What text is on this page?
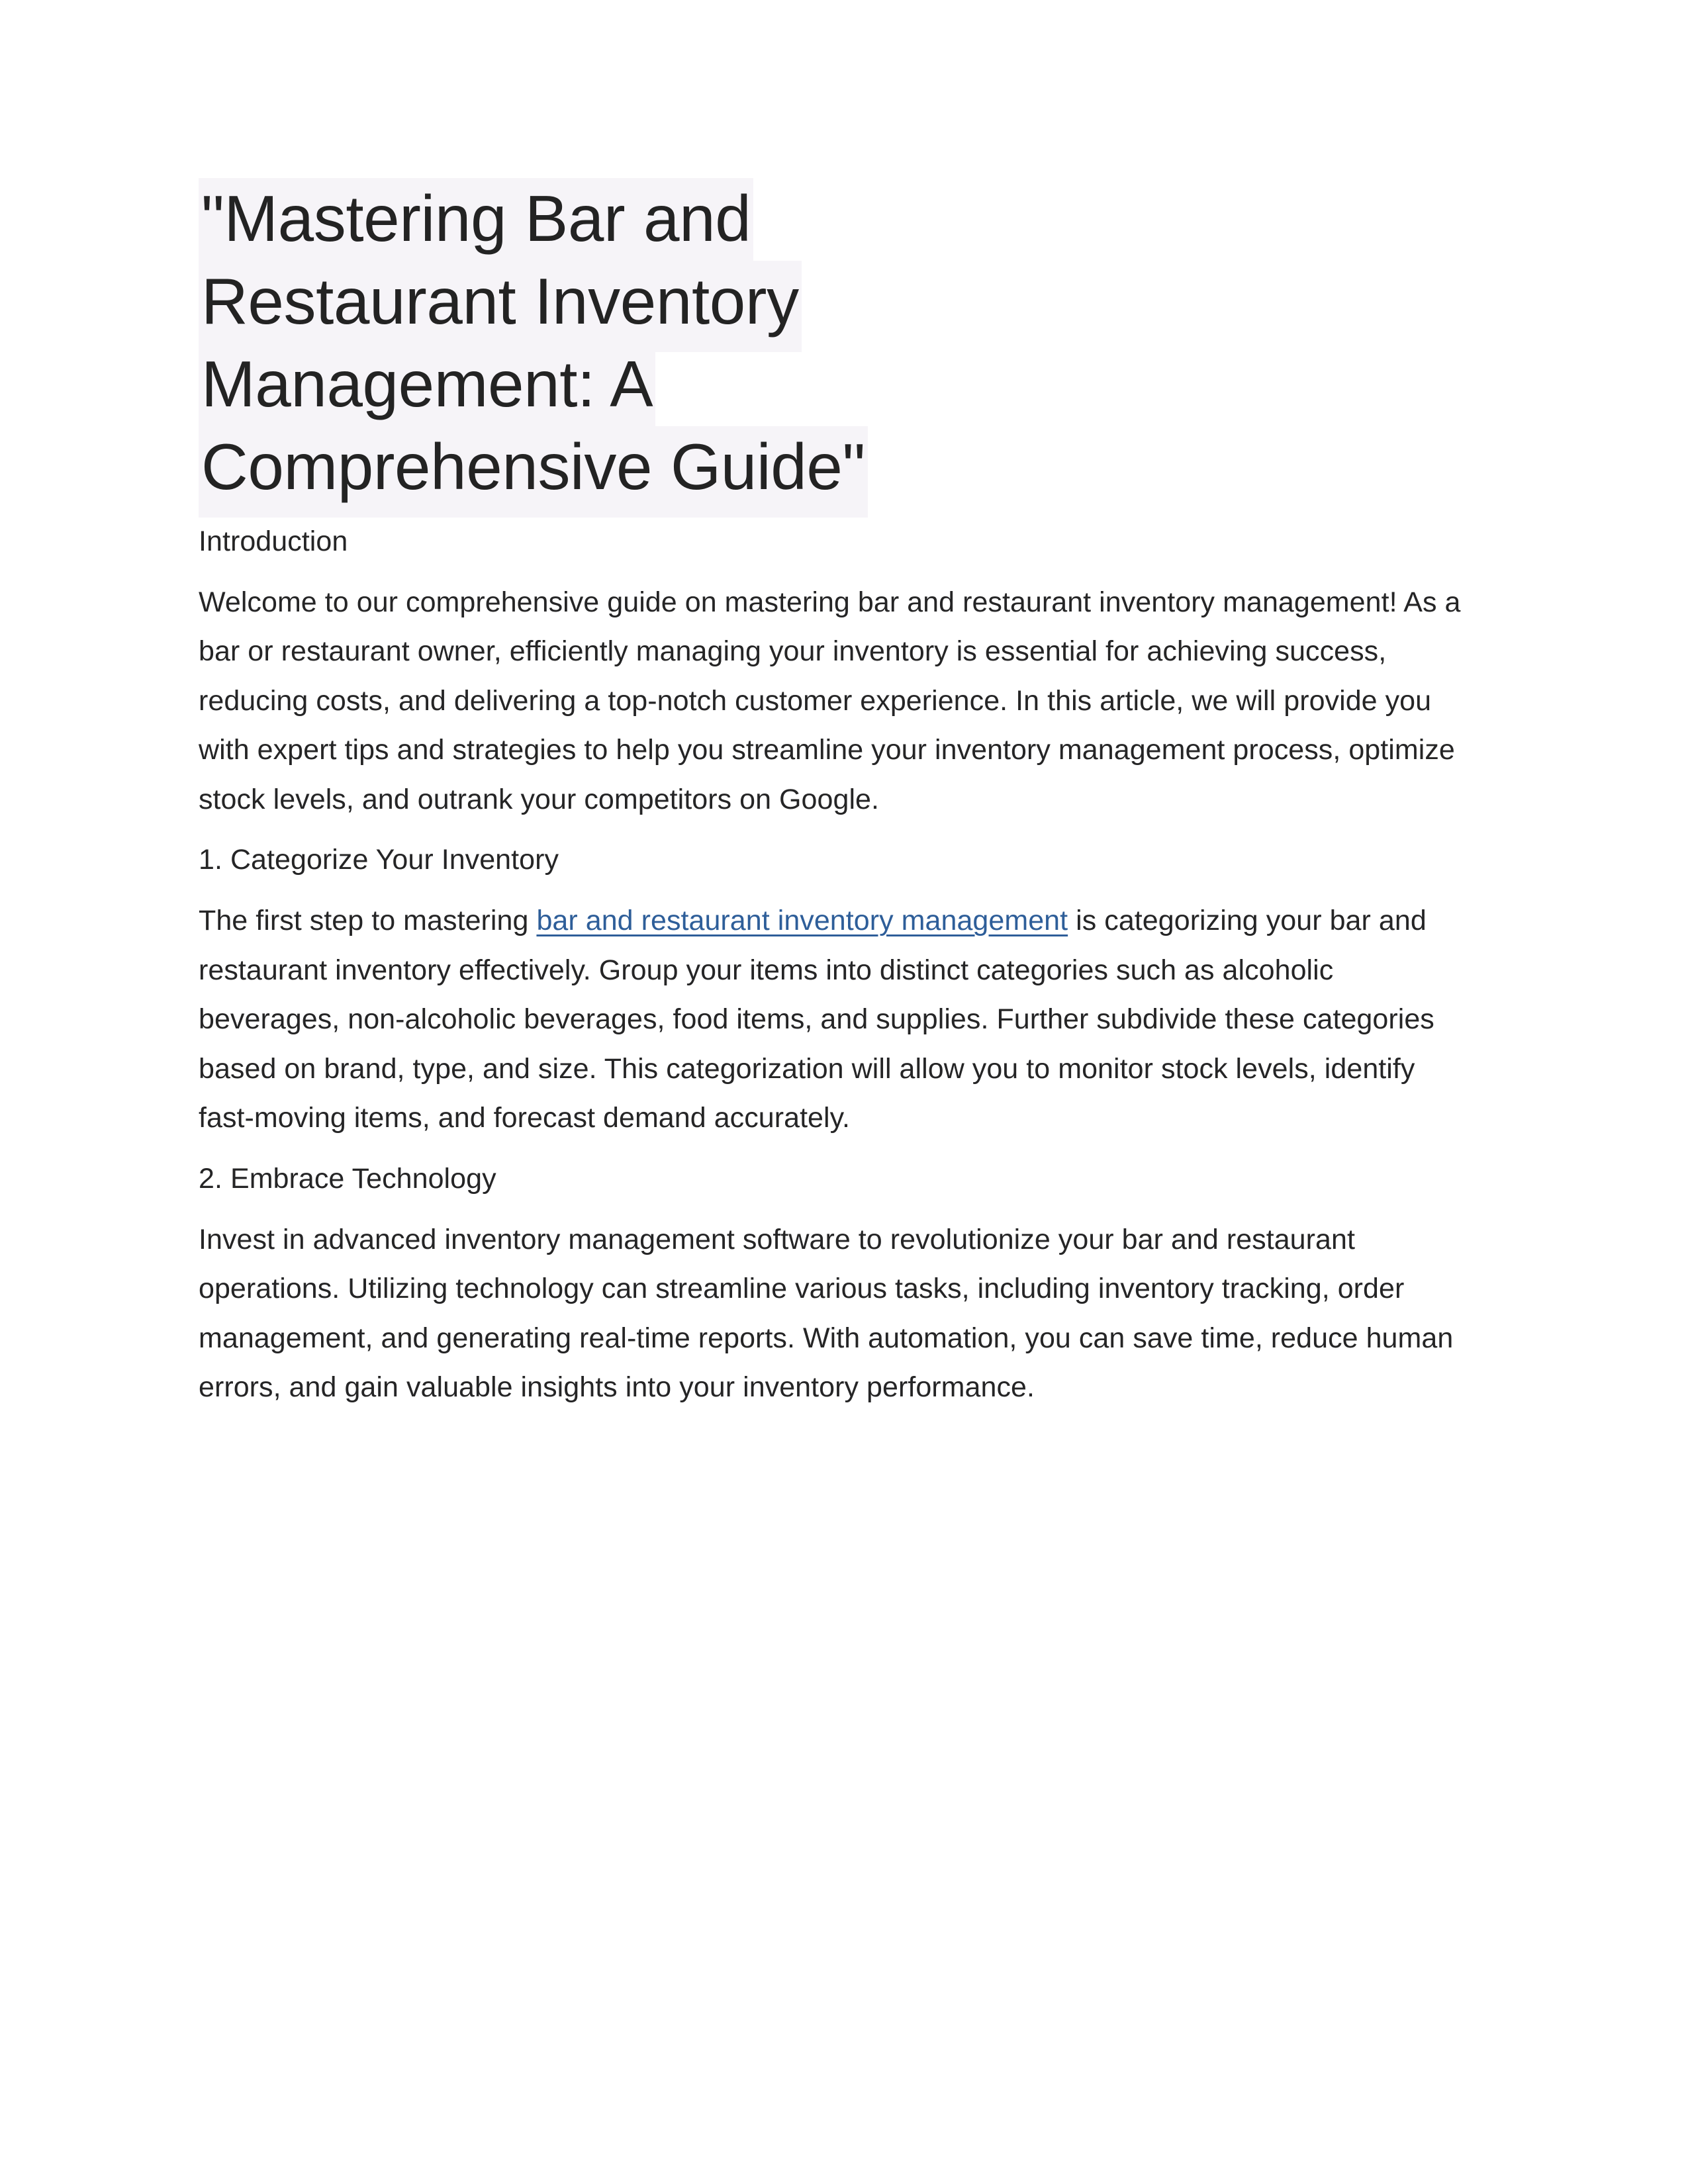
"Mastering Bar and
Restaurant Inventory
Management: A
Comprehensive Guide"
Introduction

Welcome to our comprehensive guide on mastering bar and restaurant inventory management! As a bar or restaurant owner, efficiently managing your inventory is essential for achieving success, reducing costs, and delivering a top-notch customer experience. In this article, we will provide you with expert tips and strategies to help you streamline your inventory management process, optimize stock levels, and outrank your competitors on Google.

1. Categorize Your Inventory

The first step to mastering bar and restaurant inventory management is categorizing your bar and restaurant inventory effectively. Group your items into distinct categories such as alcoholic beverages, non-alcoholic beverages, food items, and supplies. Further subdivide these categories based on brand, type, and size. This categorization will allow you to monitor stock levels, identify fast-moving items, and forecast demand accurately.

2. Embrace Technology

Invest in advanced inventory management software to revolutionize your bar and restaurant operations. Utilizing technology can streamline various tasks, including inventory tracking, order management, and generating real-time reports. With automation, you can save time, reduce human errors, and gain valuable insights into your inventory performance.
